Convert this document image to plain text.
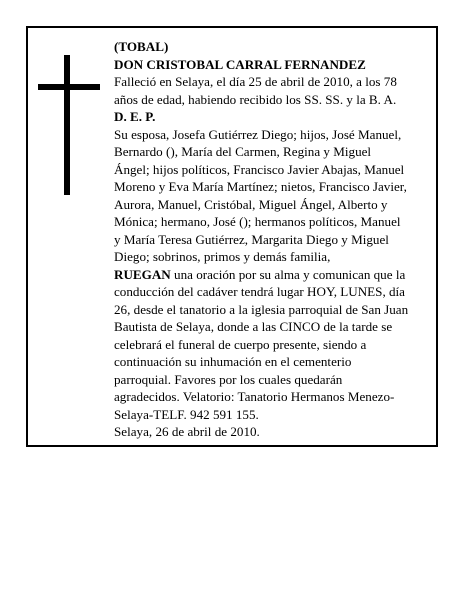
(TOBAL)
DON CRISTOBAL CARRAL FERNANDEZ
Falleció en Selaya, el día 25 de abril de 2010, a los 78
años de edad, habiendo recibido los SS. SS. y la B. A.
D. E. P.
Su esposa, Josefa Gutiérrez Diego; hijos, José Manuel,
Bernardo (), María del Carmen, Regina y Miguel
Ángel; hijos políticos, Francisco Javier Abajas, Manuel
Moreno y Eva María Martínez; nietos, Francisco Javier,
Aurora, Manuel, Cristóbal, Miguel Ángel, Alberto y
Mónica; hermano, José (); hermanos políticos, Manuel
y María Teresa Gutiérrez, Margarita Diego y Miguel
Diego; sobrinos, primos y demás familia,
RUEGAN una oración por su alma y comunican que la
conducción del cadáver tendrá lugar HOY, LUNES, día
26, desde el tanatorio a la iglesia parroquial de San Juan
Bautista de Selaya, donde a las CINCO de la tarde se
celebrará el funeral de cuerpo presente, siendo a
continuación su inhumación en el cementerio
parroquial. Favores por los cuales quedarán
agradecidos. Velatorio: Tanatorio Hermanos Menezo-
Selaya-TELF. 942 591 155.
Selaya, 26 de abril de 2010.
